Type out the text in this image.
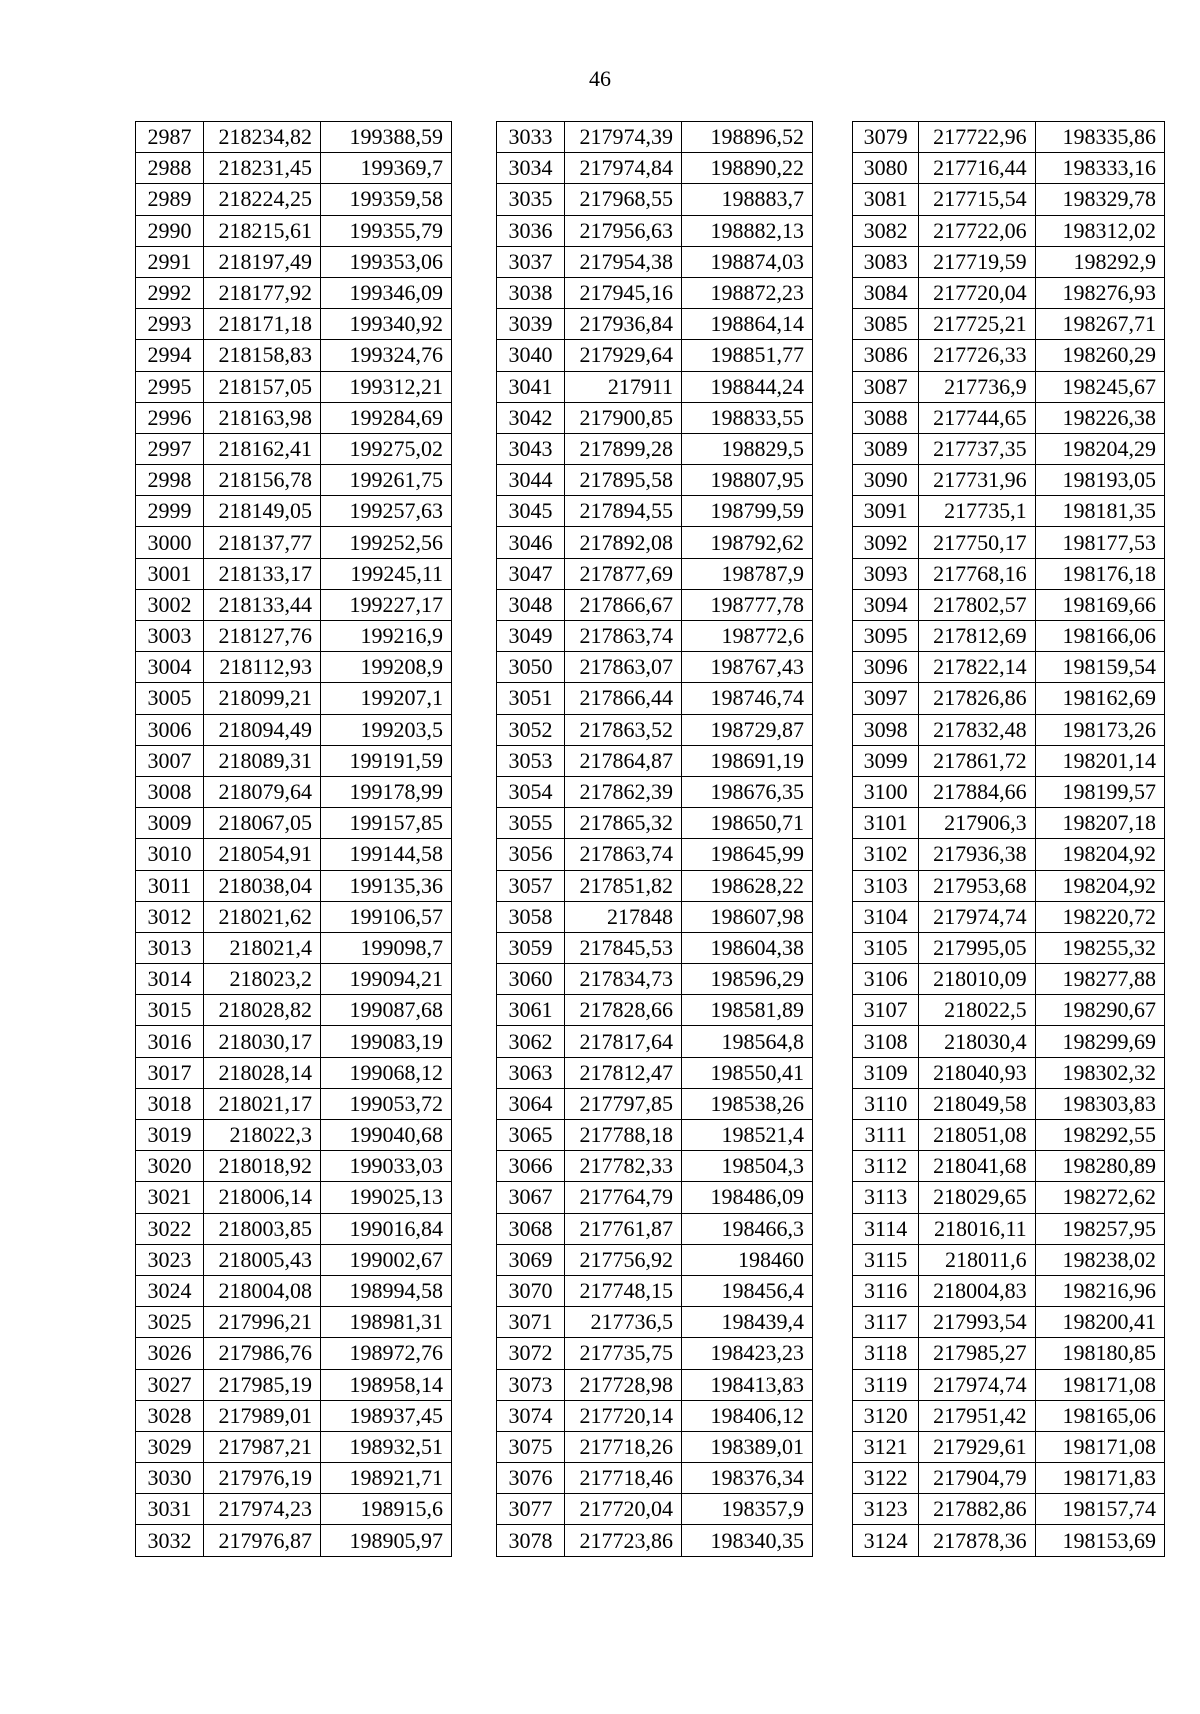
46
2987	218234,82	199388,59
2988	218231,45	199369,7
2989	218224,25	199359,58
2990	218215,61	199355,79
2991	218197,49	199353,06
2992	218177,92	199346,09
2993	218171,18	199340,92
2994	218158,83	199324,76
2995	218157,05	199312,21
2996	218163,98	199284,69
2997	218162,41	199275,02
2998	218156,78	199261,75
2999	218149,05	199257,63
3000	218137,77	199252,56
3001	218133,17	199245,11
3002	218133,44	199227,17
3003	218127,76	199216,9
3004	218112,93	199208,9
3005	218099,21	199207,1
3006	218094,49	199203,5
3007	218089,31	199191,59
3008	218079,64	199178,99
3009	218067,05	199157,85
3010	218054,91	199144,58
3011	218038,04	199135,36
3012	218021,62	199106,57
3013	218021,4	199098,7
3014	218023,2	199094,21
3015	218028,82	199087,68
3016	218030,17	199083,19
3017	218028,14	199068,12
3018	218021,17	199053,72
3019	218022,3	199040,68
3020	218018,92	199033,03
3021	218006,14	199025,13
3022	218003,85	199016,84
3023	218005,43	199002,67
3024	218004,08	198994,58
3025	217996,21	198981,31
3026	217986,76	198972,76
3027	217985,19	198958,14
3028	217989,01	198937,45
3029	217987,21	198932,51
3030	217976,19	198921,71
3031	217974,23	198915,6
3032	217976,87	198905,97
3033	217974,39	198896,52
3034	217974,84	198890,22
3035	217968,55	198883,7
3036	217956,63	198882,13
3037	217954,38	198874,03
3038	217945,16	198872,23
3039	217936,84	198864,14
3040	217929,64	198851,77
3041	217911	198844,24
3042	217900,85	198833,55
3043	217899,28	198829,5
3044	217895,58	198807,95
3045	217894,55	198799,59
3046	217892,08	198792,62
3047	217877,69	198787,9
3048	217866,67	198777,78
3049	217863,74	198772,6
3050	217863,07	198767,43
3051	217866,44	198746,74
3052	217863,52	198729,87
3053	217864,87	198691,19
3054	217862,39	198676,35
3055	217865,32	198650,71
3056	217863,74	198645,99
3057	217851,82	198628,22
3058	217848	198607,98
3059	217845,53	198604,38
3060	217834,73	198596,29
3061	217828,66	198581,89
3062	217817,64	198564,8
3063	217812,47	198550,41
3064	217797,85	198538,26
3065	217788,18	198521,4
3066	217782,33	198504,3
3067	217764,79	198486,09
3068	217761,87	198466,3
3069	217756,92	198460
3070	217748,15	198456,4
3071	217736,5	198439,4
3072	217735,75	198423,23
3073	217728,98	198413,83
3074	217720,14	198406,12
3075	217718,26	198389,01
3076	217718,46	198376,34
3077	217720,04	198357,9
3078	217723,86	198340,35
3079	217722,96	198335,86
3080	217716,44	198333,16
3081	217715,54	198329,78
3082	217722,06	198312,02
3083	217719,59	198292,9
3084	217720,04	198276,93
3085	217725,21	198267,71
3086	217726,33	198260,29
3087	217736,9	198245,67
3088	217744,65	198226,38
3089	217737,35	198204,29
3090	217731,96	198193,05
3091	217735,1	198181,35
3092	217750,17	198177,53
3093	217768,16	198176,18
3094	217802,57	198169,66
3095	217812,69	198166,06
3096	217822,14	198159,54
3097	217826,86	198162,69
3098	217832,48	198173,26
3099	217861,72	198201,14
3100	217884,66	198199,57
3101	217906,3	198207,18
3102	217936,38	198204,92
3103	217953,68	198204,92
3104	217974,74	198220,72
3105	217995,05	198255,32
3106	218010,09	198277,88
3107	218022,5	198290,67
3108	218030,4	198299,69
3109	218040,93	198302,32
3110	218049,58	198303,83
3111	218051,08	198292,55
3112	218041,68	198280,89
3113	218029,65	198272,62
3114	218016,11	198257,95
3115	218011,6	198238,02
3116	218004,83	198216,96
3117	217993,54	198200,41
3118	217985,27	198180,85
3119	217974,74	198171,08
3120	217951,42	198165,06
3121	217929,61	198171,08
3122	217904,79	198171,83
3123	217882,86	198157,74
3124	217878,36	198153,69
